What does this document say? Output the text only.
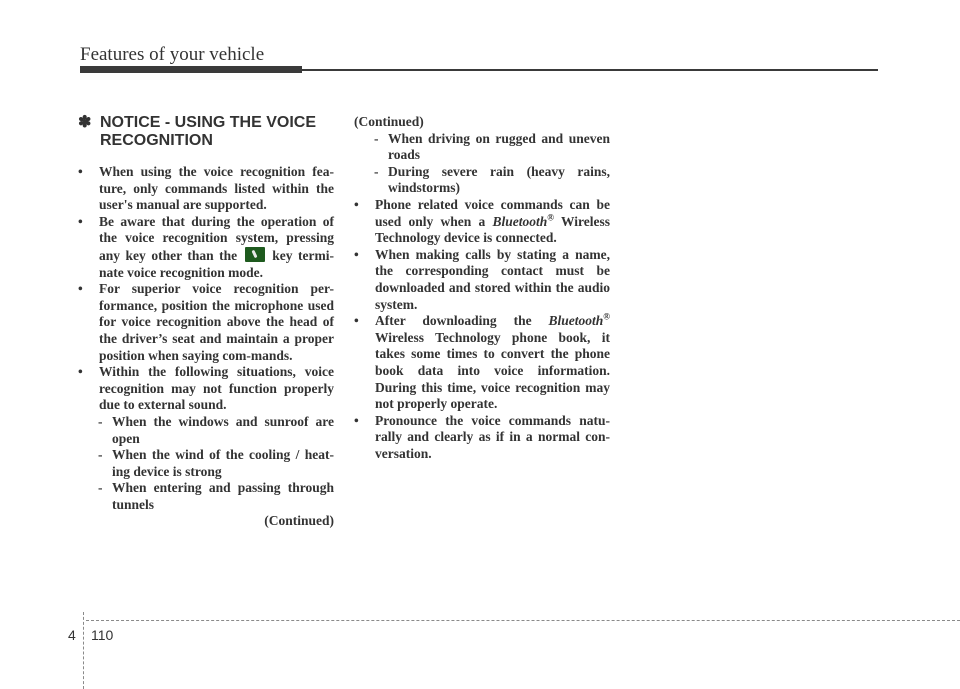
Features of your vehicle
✽ NOTICE - USING THE VOICE RECOGNITION

• When using the voice recognition fea-ture, only commands listed within the user's manual are supported.

• Be aware that during the operation of the voice recognition system, pressing any key other than the	key termi-nate voice recognition mode.

• For superior voice recognition per-formance, position the microphone used for voice recognition above the head of the driver’s seat and maintain a proper position when saying com-mands.

• Within the following situations, voice recognition may not function properly due to external sound.

- When the windows and sunroof are open

- When the wind of the cooling / heat-ing device is strong

- When entering and passing through tunnels

(Continued)

(Continued)

- When driving on rugged and uneven roads

- During severe rain (heavy rains, windstorms)

• Phone related voice commands can be used only when a Bluetooth® Wireless Technology device is connected.

• When making calls by stating a name, the corresponding contact must be downloaded and stored within the audio system.

• After downloading the Bluetooth® Wireless Technology phone book, it takes some times to convert the phone book data into voice information. During this time, voice recognition may not properly operate.

• Pronounce the voice commands natu-rally and clearly as if in a normal con-versation.

4 110
